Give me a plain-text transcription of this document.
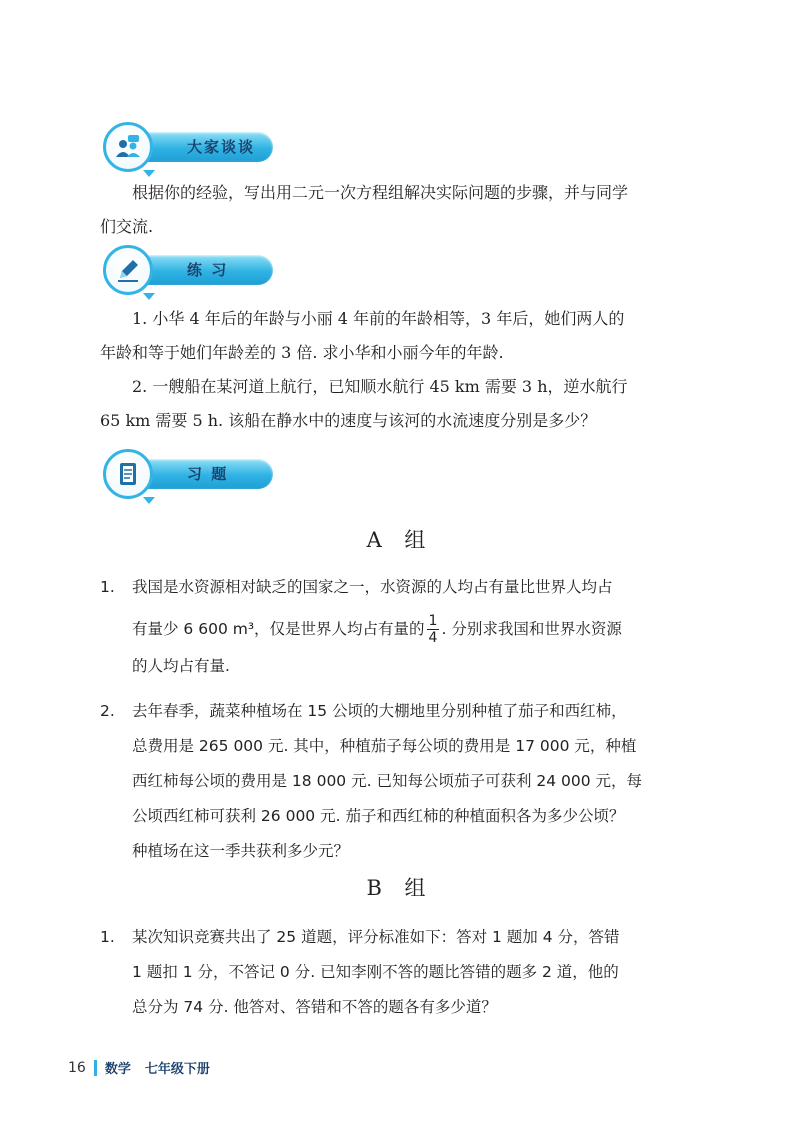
大家谈谈
根据你的经验，写出用二元一次方程组解决实际问题的步骤，并与同学
们交流.
练 习
1. 小华 4 年后的年龄与小丽 4 年前的年龄相等，3 年后，她们两人的
年龄和等于她们年龄差的 3 倍. 求小华和小丽今年的年龄.
2. 一艘船在某河道上航行，已知顺水航行 45 km 需要 3 h，逆水航行
65 km 需要 5 h. 该船在静水中的速度与该河的水流速度分别是多少？
习 题
A 组
1. 我国是水资源相对缺乏的国家之一，水资源的人均占有量比世界人均占
有量少 6 600 m³，仅是世界人均占有量的 $\frac{1}{4}$ . 分别求我国和世界水资源
的人均占有量.
2. 去年春季，蔬菜种植场在 15 公顷的大棚地里分别种植了茄子和西红柿，
总费用是 265 000 元. 其中，种植茄子每公顷的费用是 17 000 元，种植
西红柿每公顷的费用是 18 000 元. 已知每公顷茄子可获利 24 000 元，每
公顷西红柿可获利 26 000 元. 茄子和西红柿的种植面积各为多少公顷？
种植场在这一季共获利多少元？
B 组
1. 某次知识竞赛共出了 25 道题，评分标准如下：答对 1 题加 4 分，答错
1 题扣 1 分，不答记 0 分. 已知李刚不答的题比答错的题多 2 道，他的
总分为 74 分. 他答对、答错和不答的题各有多少道？
16 数学 七年级下册
